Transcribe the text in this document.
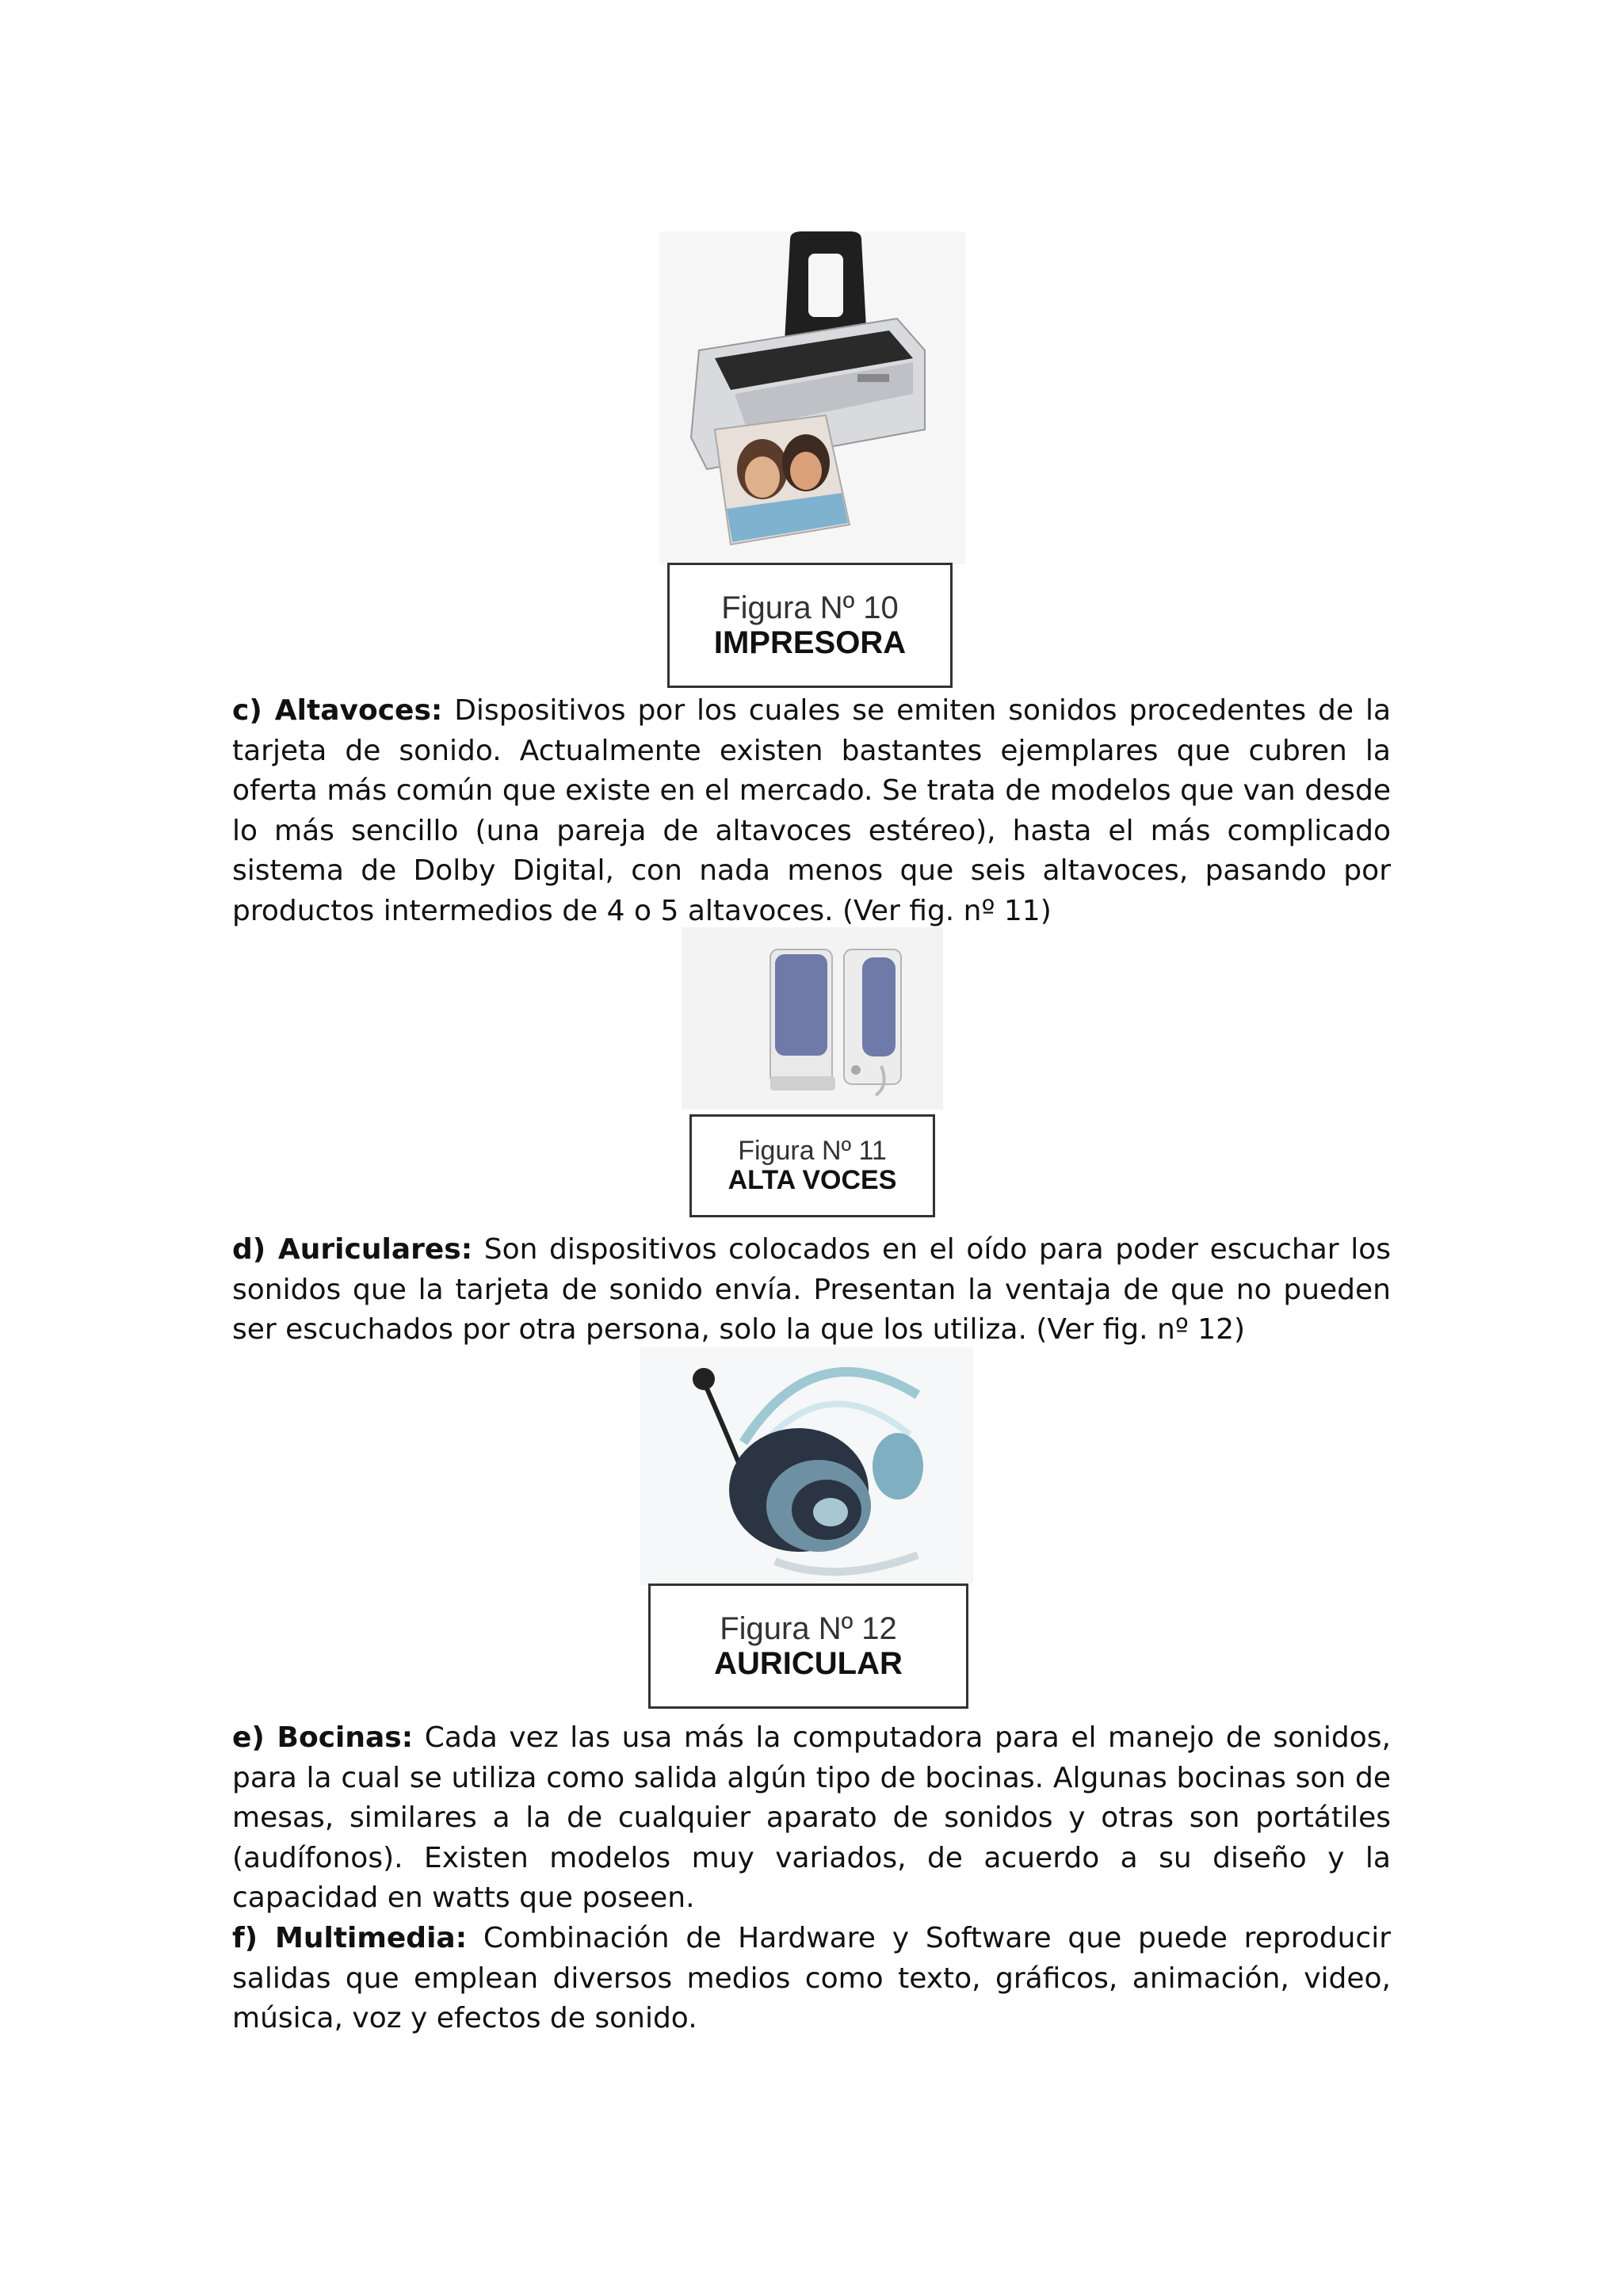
Figura Nº 10
IMPRESORA
c) Altavoces: Dispositivos por los cuales se emiten sonidos procedentes de la tarjeta de sonido. Actualmente existen bastantes ejemplares que cubren la oferta más común que existe en el mercado. Se trata de modelos que van desde lo más sencillo (una pareja de altavoces estéreo), hasta el más complicado sistema de Dolby Digital, con nada menos que seis altavoces, pasando por productos intermedios de 4 o 5 altavoces. (Ver fig. nº 11)
Figura Nº 11
ALTA VOCES
d) Auriculares: Son dispositivos colocados en el oído para poder escuchar los sonidos que la tarjeta de sonido envía. Presentan la ventaja de que no pueden ser escuchados por otra persona, solo la que los utiliza. (Ver fig. nº 12)
Figura Nº 12
AURICULAR
e) Bocinas: Cada vez las usa más la computadora para el manejo de sonidos, para la cual se utiliza como salida algún tipo de bocinas. Algunas bocinas son de mesas, similares a la de cualquier aparato de sonidos y otras son portátiles (audífonos). Existen modelos muy variados, de acuerdo a su diseño y la capacidad en watts que poseen.
f) Multimedia: Combinación de Hardware y Software que puede reproducir salidas que emplean diversos medios como texto, gráficos, animación, video, música, voz y efectos de sonido.
